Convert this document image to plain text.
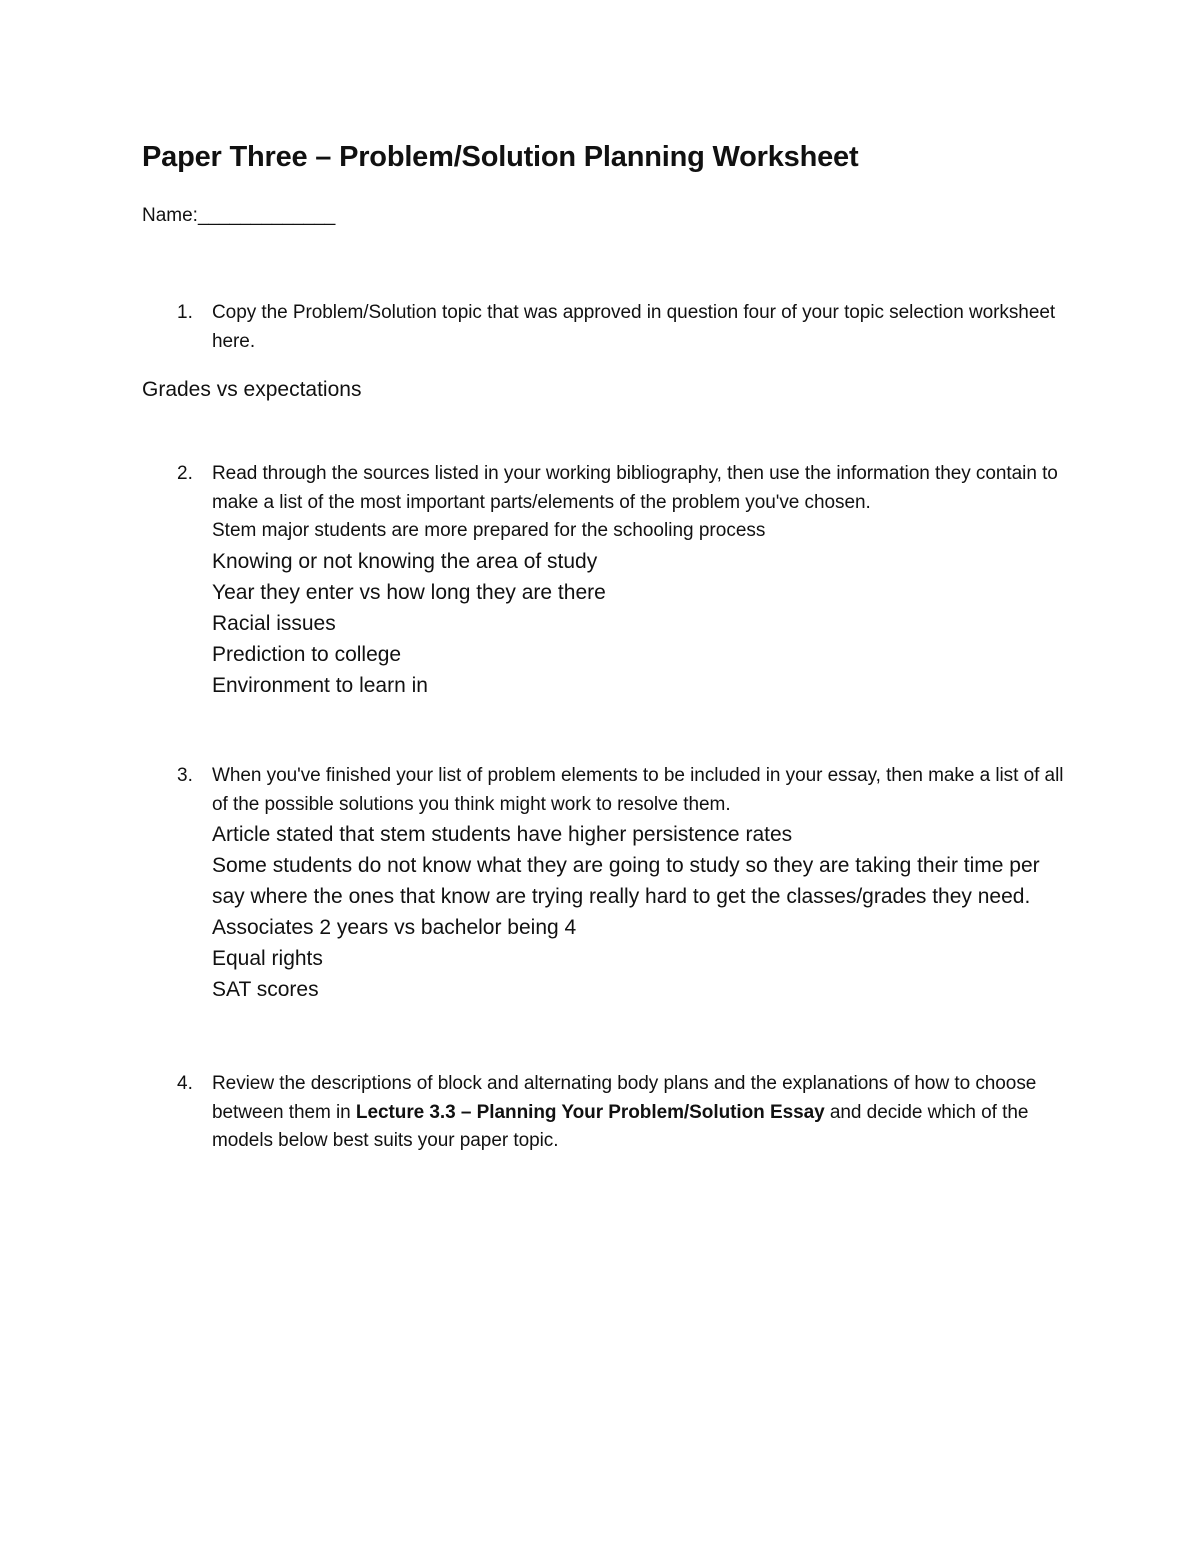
Paper Three – Problem/Solution Planning Worksheet
Name:_____________
1.	Copy the Problem/Solution topic that was approved in question four of your topic selection worksheet here.
Grades vs expectations
2.	Read through the sources listed in your working bibliography, then use the information they contain to make a list of the most important parts/elements of the problem you've chosen.
Stem major students are more prepared for the schooling process
Knowing or not knowing the area of study
Year they enter vs how long they are there
Racial issues
Prediction to college
Environment to learn in
3.	When you've finished your list of problem elements to be included in your essay, then make a list of all of the possible solutions you think might work to resolve them.
Article stated that stem students have higher persistence rates
Some students do not know what they are going to study so they are taking their time per say where the ones that know are trying really hard to get the classes/grades they need.
Associates 2 years vs bachelor being 4
Equal rights
SAT scores
4.	Review the descriptions of block and alternating body plans and the explanations of how to choose between them in Lecture 3.3 – Planning Your Problem/Solution Essay and decide which of the models below best suits your paper topic.
